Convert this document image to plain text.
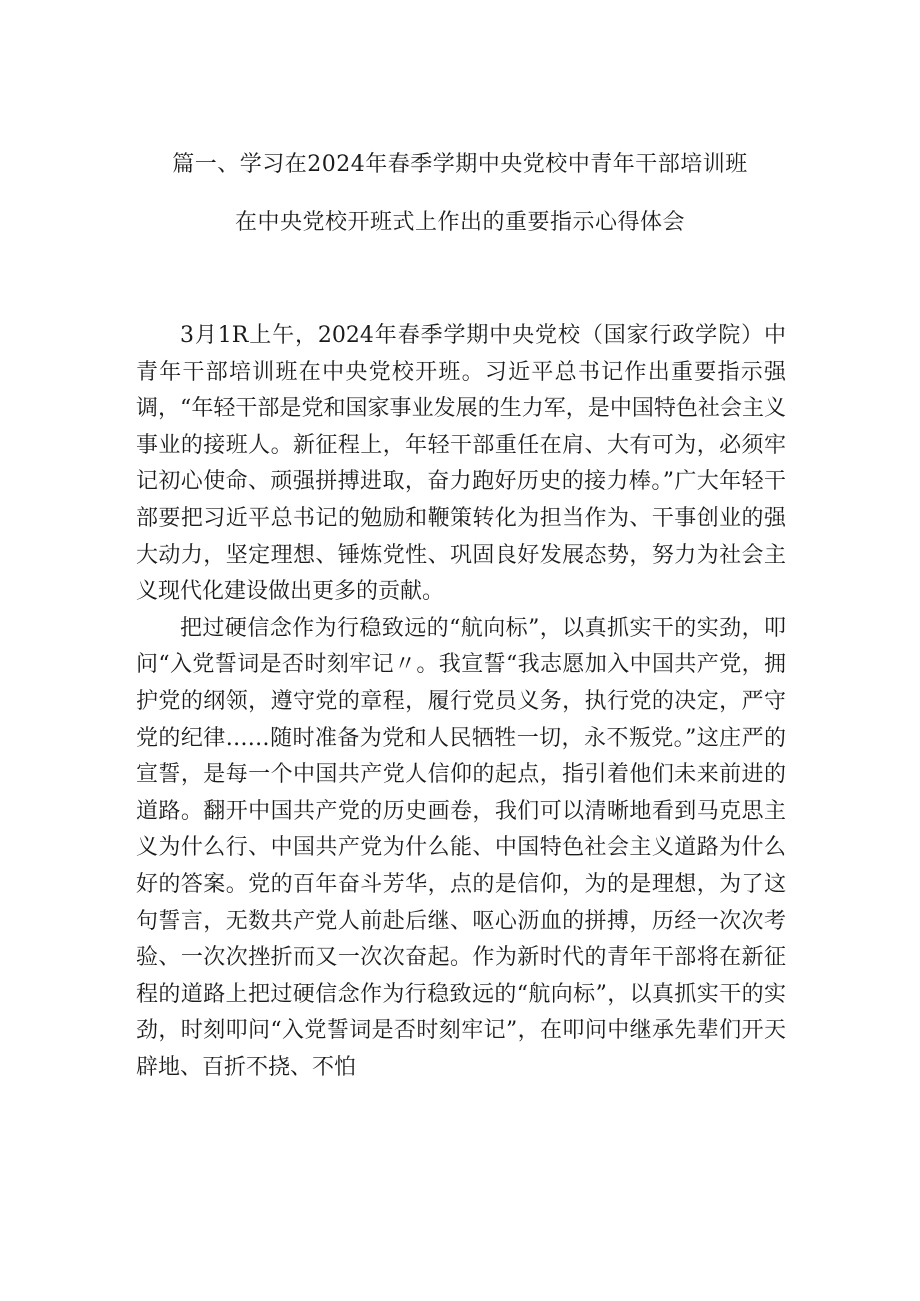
篇一、学习在2024年春季学期中央党校中青年干部培训班
在中央党校开班式上作出的重要指示心得体会

3月1R上午，2024年春季学期中央党校（国家行政学院）中青年干部培训班在中央党校开班。习近平总书记作出重要指示强调，“年轻干部是党和国家事业发展的生力军，是中国特色社会主义事业的接班人。新征程上，年轻干部重任在肩、大有可为，必须牢记初心使命、顽强拼搏进取，奋力跑好历史的接力棒。”广大年轻干部要把习近平总书记的勉励和鞭策转化为担当作为、干事创业的强大动力，坚定理想、锤炼党性、巩固良好发展态势，努力为社会主义现代化建设做出更多的贡献。

把过硬信念作为行稳致远的“航向标”，以真抓实干的实劲，叩问“入党誓词是否时刻牢记〃。我宣誓“我志愿加入中国共产党，拥护党的纲领，遵守党的章程，履行党员义务，执行党的决定，严守党的纪律……随时准备为党和人民牺牲一切，永不叛党。”这庄严的宣誓，是每一个中国共产党人信仰的起点，指引着他们未来前进的道路。翻开中国共产党的历史画卷，我们可以清晰地看到马克思主义为什么行、中国共产党为什么能、中国特色社会主义道路为什么好的答案。党的百年奋斗芳华，点的是信仰，为的是理想，为了这句誓言，无数共产党人前赴后继、呕心沥血的拼搏，历经一次次考验、一次次挫折而又一次次奋起。作为新时代的青年干部将在新征程的道路上把过硬信念作为行稳致远的“航向标”，以真抓实干的实劲，时刻叩问“入党誓词是否时刻牢记”，在叩问中继承先辈们开天辟地、百折不挠、不怕
